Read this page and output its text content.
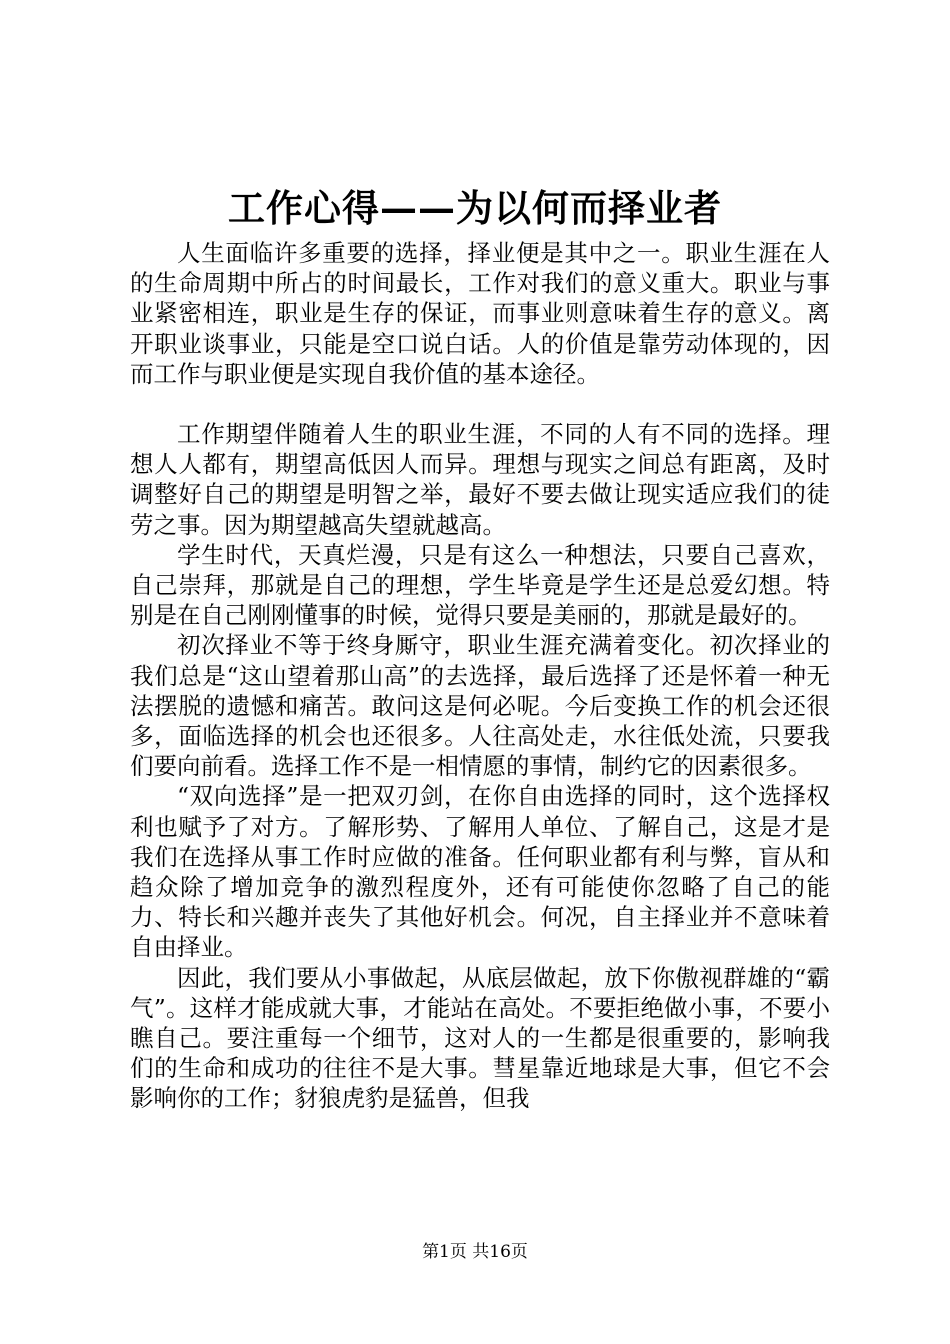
工作心得——为以何而择业者

人生面临许多重要的选择，择业便是其中之一。职业生涯在人的生命周期中所占的时间最长，工作对我们的意义重大。职业与事业紧密相连，职业是生存的保证，而事业则意味着生存的意义。离开职业谈事业，只能是空口说白话。人的价值是靠劳动体现的，因而工作与职业便是实现自我价值的基本途径。

工作期望伴随着人生的职业生涯，不同的人有不同的选择。理想人人都有，期望高低因人而异。理想与现实之间总有距离，及时调整好自己的期望是明智之举，最好不要去做让现实适应我们的徒劳之事。因为期望越高失望就越高。

学生时代，天真烂漫，只是有这么一种想法，只要自己喜欢，自己崇拜，那就是自己的理想，学生毕竟是学生还是总爱幻想。特别是在自己刚刚懂事的时候，觉得只要是美丽的，那就是最好的。

初次择业不等于终身厮守，职业生涯充满着变化。初次择业的我们总是“这山望着那山高”的去选择，最后选择了还是怀着一种无法摆脱的遗憾和痛苦。敢问这是何必呢。今后变换工作的机会还很多，面临选择的机会也还很多。人往高处走，水往低处流，只要我们要向前看。选择工作不是一相情愿的事情，制约它的因素很多。

“双向选择”是一把双刃剑，在你自由选择的同时，这个选择权利也赋予了对方。了解形势、了解用人单位、了解自己，这是才是我们在选择从事工作时应做的准备。任何职业都有利与弊，盲从和趋众除了增加竞争的激烈程度外，还有可能使你忽略了自己的能力、特长和兴趣并丧失了其他好机会。何况，自主择业并不意味着自由择业。

因此，我们要从小事做起，从底层做起，放下你傲视群雄的“霸气”。这样才能成就大事，才能站在高处。不要拒绝做小事，不要小瞧自己。要注重每一个细节，这对人的一生都是很重要的，影响我们的生命和成功的往往不是大事。彗星靠近地球是大事，但它不会影响你的工作；豺狼虎豹是猛兽，但我

第1页 共16页
